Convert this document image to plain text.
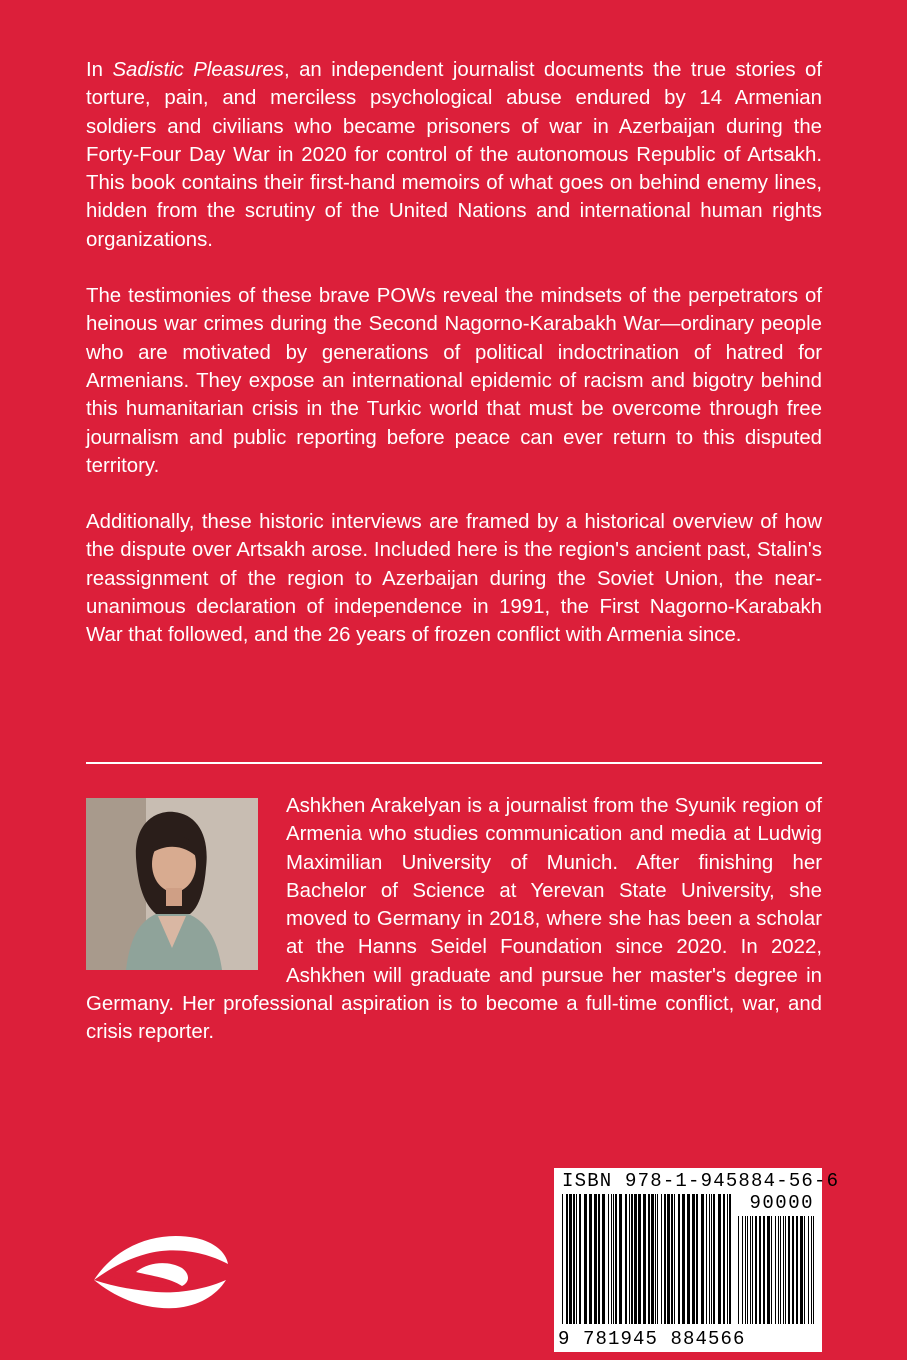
In Sadistic Pleasures, an independent journalist documents the true stories of torture, pain, and merciless psychological abuse endured by 14 Armenian soldiers and civilians who became prisoners of war in Azerbaijan during the Forty-Four Day War in 2020 for control of the autonomous Republic of Artsakh. This book contains their first-hand memoirs of what goes on behind enemy lines, hidden from the scrutiny of the United Nations and international human rights organizations.

The testimonies of these brave POWs reveal the mindsets of the perpetrators of heinous war crimes during the Second Nagorno-Karabakh War—ordinary people who are motivated by generations of political indoctrination of hatred for Armenians. They expose an international epidemic of racism and bigotry behind this humanitarian crisis in the Turkic world that must be overcome through free journalism and public reporting before peace can ever return to this disputed territory.

Additionally, these historic interviews are framed by a historical overview of how the dispute over Artsakh arose. Included here is the region's ancient past, Stalin's reassignment of the region to Azerbaijan during the Soviet Union, the near-unanimous declaration of independence in 1991, the First Nagorno-Karabakh War that followed, and the 26 years of frozen conflict with Armenia since.

Ashkhen Arakelyan is a journalist from the Syunik region of Armenia who studies communication and media at Ludwig Maximilian University of Munich. After finishing her Bachelor of Science at Yerevan State University, she moved to Germany in 2018, where she has been a scholar at the Hanns Seidel Foundation since 2020. In 2022, Ashkhen will graduate and pursue her master's degree in Germany. Her professional aspiration is to become a full-time conflict, war, and crisis reporter.
ISBN 978-1-945884-56-6
90000
9 781945 884566
